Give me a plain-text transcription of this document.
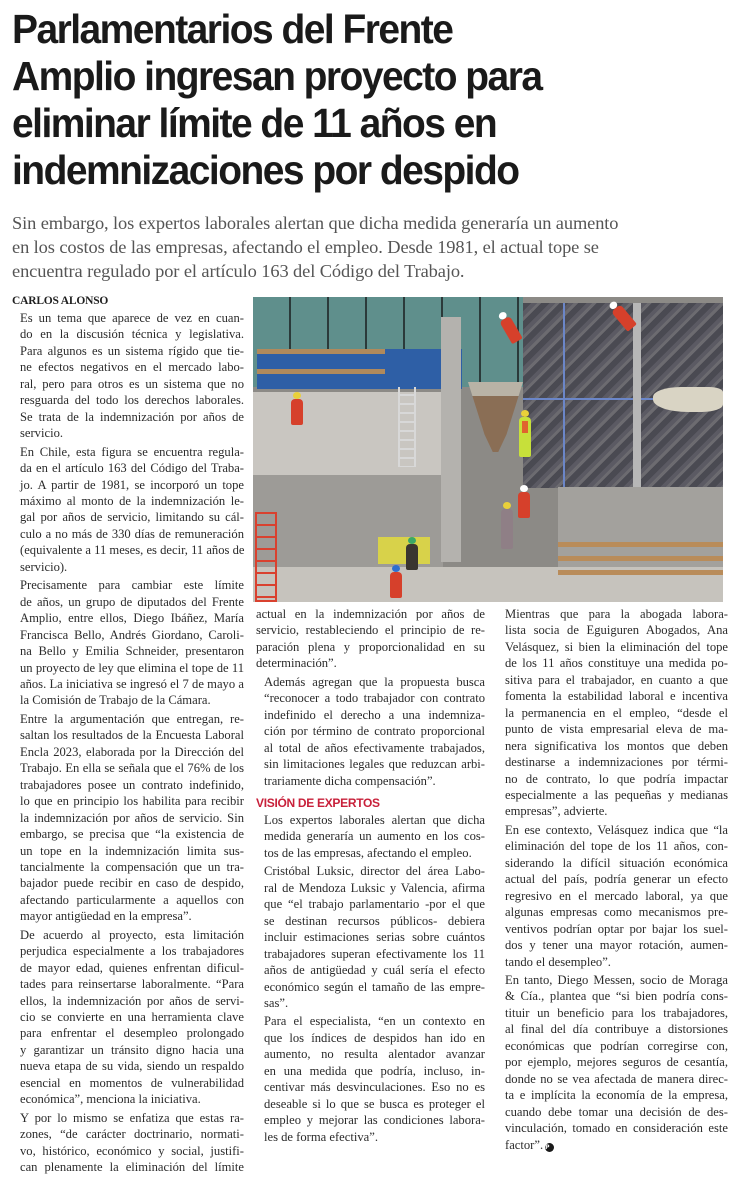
Parlamentarios del Frente
Amplio ingresan proyecto para
eliminar límite de 11 años en
indemnizaciones por despido
Sin embargo, los expertos laborales alertan que dicha medida generaría un aumento
en los costos de las empresas, afectando el empleo. Desde 1981, el actual tope se
encuentra regulado por el artículo 163 del Código del Trabajo.
CARLOS ALONSO

Es un tema que aparece de vez en cuan-
do en la discusión técnica y legislativa.
Para algunos es un sistema rígido que tie-
ne efectos negativos en el mercado labo-
ral, pero para otros es un sistema que no
resguarda del todo los derechos laborales.
Se trata de la indemnización por años de
servicio.

En Chile, esta figura se encuentra regula-
da en el artículo 163 del Código del Traba-
jo. A partir de 1981, se incorporó un tope
máximo al monto de la indemnización le-
gal por años de servicio, limitando su cál-
culo a no más de 330 días de remuneración
(equivalente a 11 meses, es decir, 11 años de
servicio).

Precisamente para cambiar este límite
de años, un grupo de diputados del Frente
Amplio, entre ellos, Diego Ibáñez, María
Francisca Bello, Andrés Giordano, Caroli-
na Bello y Emilia Schneider, presentaron
un proyecto de ley que elimina el tope de 11
años. La iniciativa se ingresó el 7 de mayo a
la Comisión de Trabajo de la Cámara.

Entre la argumentación que entregan, re-
saltan los resultados de la Encuesta Laboral
Encla 2023, elaborada por la Dirección del
Trabajo. En ella se señala que el 76% de los
trabajadores posee un contrato indefinido,
lo que en principio los habilita para recibir
la indemnización por años de servicio. Sin
embargo, se precisa que “la existencia de
un tope en la indemnización limita sus-
tancialmente la compensación que un tra-
bajador puede recibir en caso de despido,
afectando particularmente a aquellos con
mayor antigüedad en la empresa”.

De acuerdo al proyecto, esta limitación
perjudica especialmente a los trabajadores
de mayor edad, quienes enfrentan dificul-
tades para reinsertarse laboralmente. “Para
ellos, la indemnización por años de servi-
cio se convierte en una herramienta clave
para enfrentar el desempleo prolongado
y garantizar un tránsito digno hacia una
nueva etapa de su vida, siendo un respaldo
esencial en momentos de vulnerabilidad
económica”, menciona la iniciativa.

Y por lo mismo se enfatiza que estas ra-
zones, “de carácter doctrinario, normati-
vo, histórico, económico y social, justifi-
can plenamente la eliminación del límite

actual en la indemnización por años de
servicio, restableciendo el principio de re-
paración plena y proporcionalidad en su
determinación”.

Además agregan que la propuesta busca
“reconocer a todo trabajador con contrato
indefinido el derecho a una indemniza-
ción por término de contrato proporcional
al total de años efectivamente trabajados,
sin limitaciones legales que reduzcan arbi-
trariamente dicha compensación”.

VISIÓN DE EXPERTOS

Los expertos laborales alertan que dicha
medida generaría un aumento en los cos-
tos de las empresas, afectando el empleo.

Cristóbal Luksic, director del área Labo-
ral de Mendoza Luksic y Valencia, afirma
que “el trabajo parlamentario -por el que
se destinan recursos públicos- debiera
incluir estimaciones serias sobre cuántos
trabajadores superan efectivamente los 11
años de antigüedad y cuál sería el efecto
económico según el tamaño de las empre-
sas”.

Para el especialista, “en un contexto en
que los índices de despidos han ido en
aumento, no resulta alentador avanzar
en una medida que podría, incluso, in-
centivar más desvinculaciones. Eso no es
deseable si lo que se busca es proteger el
empleo y mejorar las condiciones labora-
les de forma efectiva”.

Mientras que para la abogada labora-
lista socia de Eguiguren Abogados, Ana
Velásquez, si bien la eliminación del tope
de los 11 años constituye una medida po-
sitiva para el trabajador, en cuanto a que
fomenta la estabilidad laboral e incentiva
la permanencia en el empleo, “desde el
punto de vista empresarial eleva de ma-
nera significativa los montos que deben
destinarse a indemnizaciones por térmi-
no de contrato, lo que podría impactar
especialmente a las pequeñas y medianas
empresas”, advierte.

En ese contexto, Velásquez indica que “la
eliminación del tope de los 11 años, con-
siderando la difícil situación económica
actual del país, podría generar un efecto
regresivo en el mercado laboral, ya que
algunas empresas como mecanismos pre-
ventivos podrían optar por bajar los suel-
dos y tener una mayor rotación, aumen-
tando el desempleo”.

En tanto, Diego Messen, socio de Moraga
& Cía., plantea que “si bien podría cons-
tituir un beneficio para los trabajadores,
al final del día contribuye a distorsiones
económicas que podrían corregirse con,
por ejemplo, mejores seguros de cesantía,
donde no se vea afectada de manera direc-
ta e implícita la economía de la empresa,
cuando debe tomar una decisión de des-
vinculación, tomado en consideración este
factor”. P
